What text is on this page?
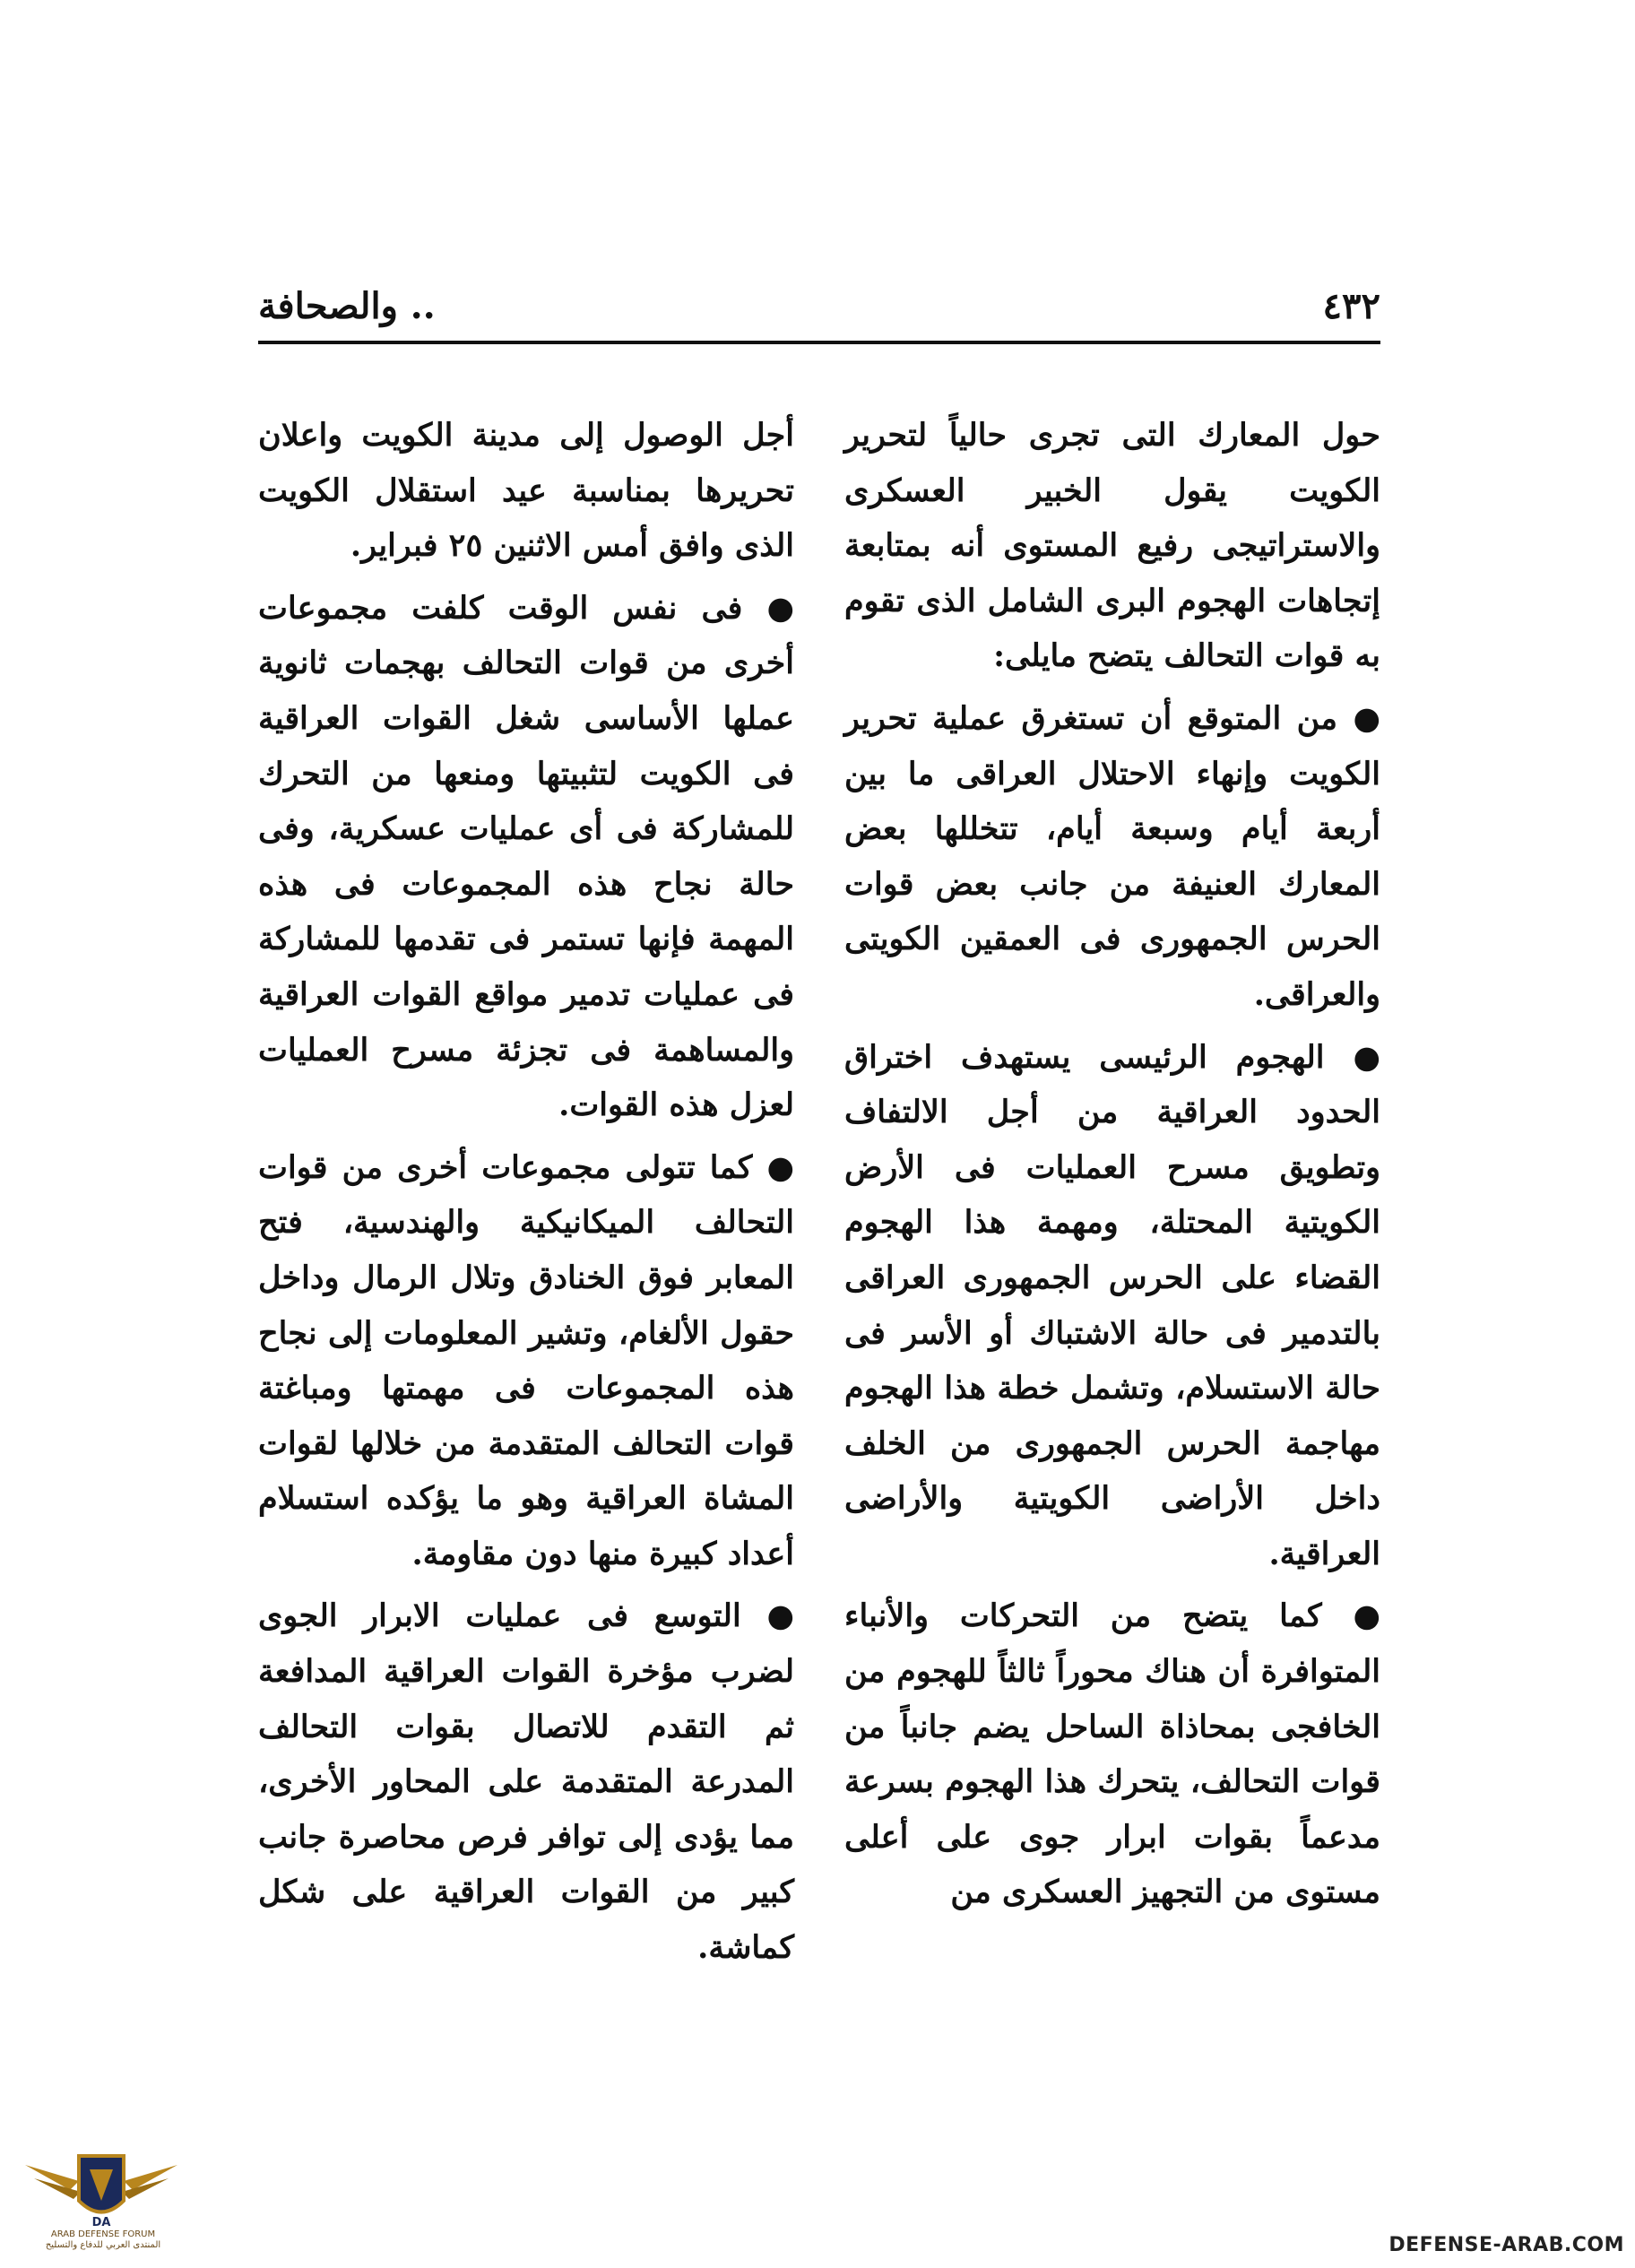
٤٣٢
.. والصحافة

حول المعارك التى تجرى حالياً لتحرير الكويت يقول الخبير العسكرى والاستراتيجى رفيع المستوى أنه بمتابعة إتجاهات الهجوم البرى الشامل الذى تقوم به قوات التحالف يتضح مايلى:

● من المتوقع أن تستغرق عملية تحرير الكويت وإنهاء الاحتلال العراقى ما بين أربعة أيام وسبعة أيام، تتخللها بعض المعارك العنيفة من جانب بعض قوات الحرس الجمهورى فى العمقين الكويتى والعراقى.

● الهجوم الرئيسى يستهدف اختراق الحدود العراقية من أجل الالتفاف وتطويق مسرح العمليات فى الأرض الكويتية المحتلة، ومهمة هذا الهجوم القضاء على الحرس الجمهورى العراقى بالتدمير فى حالة الاشتباك أو الأسر فى حالة الاستسلام، وتشمل خطة هذا الهجوم مهاجمة الحرس الجمهورى من الخلف داخل الأراضى الكويتية والأراضى العراقية.

● كما يتضح من التحركات والأنباء المتوافرة أن هناك محوراً ثالثاً للهجوم من الخافجى بمحاذاة الساحل يضم جانباً من قوات التحالف، يتحرك هذا الهجوم بسرعة مدعماً بقوات ابرار جوى على أعلى مستوى من التجهيز العسكرى من

أجل الوصول إلى مدينة الكويت واعلان تحريرها بمناسبة عيد استقلال الكويت الذى وافق أمس الاثنين ٢٥ فبراير.

● فى نفس الوقت كلفت مجموعات أخرى من قوات التحالف بهجمات ثانوية عملها الأساسى شغل القوات العراقية فى الكويت لتثبيتها ومنعها من التحرك للمشاركة فى أى عمليات عسكرية، وفى حالة نجاح هذه المجموعات فى هذه المهمة فإنها تستمر فى تقدمها للمشاركة فى عمليات تدمير مواقع القوات العراقية والمساهمة فى تجزئة مسرح العمليات لعزل هذه القوات.

● كما تتولى مجموعات أخرى من قوات التحالف الميكانيكية والهندسية، فتح المعابر فوق الخنادق وتلال الرمال وداخل حقول الألغام، وتشير المعلومات إلى نجاح هذه المجموعات فى مهمتها ومباغتة قوات التحالف المتقدمة من خلالها لقوات المشاة العراقية وهو ما يؤكده استسلام أعداد كبيرة منها دون مقاومة.

● التوسع فى عمليات الابرار الجوى لضرب مؤخرة القوات العراقية المدافعة ثم التقدم للاتصال بقوات التحالف المدرعة المتقدمة على المحاور الأخرى، مما يؤدى إلى توافر فرص محاصرة جانب كبير من القوات العراقية على شكل كماشة.

DA
ARAB DEFENSE FORUM
المنتدى العربي للدفاع والتسليح	DEFENSE-ARAB.COM
